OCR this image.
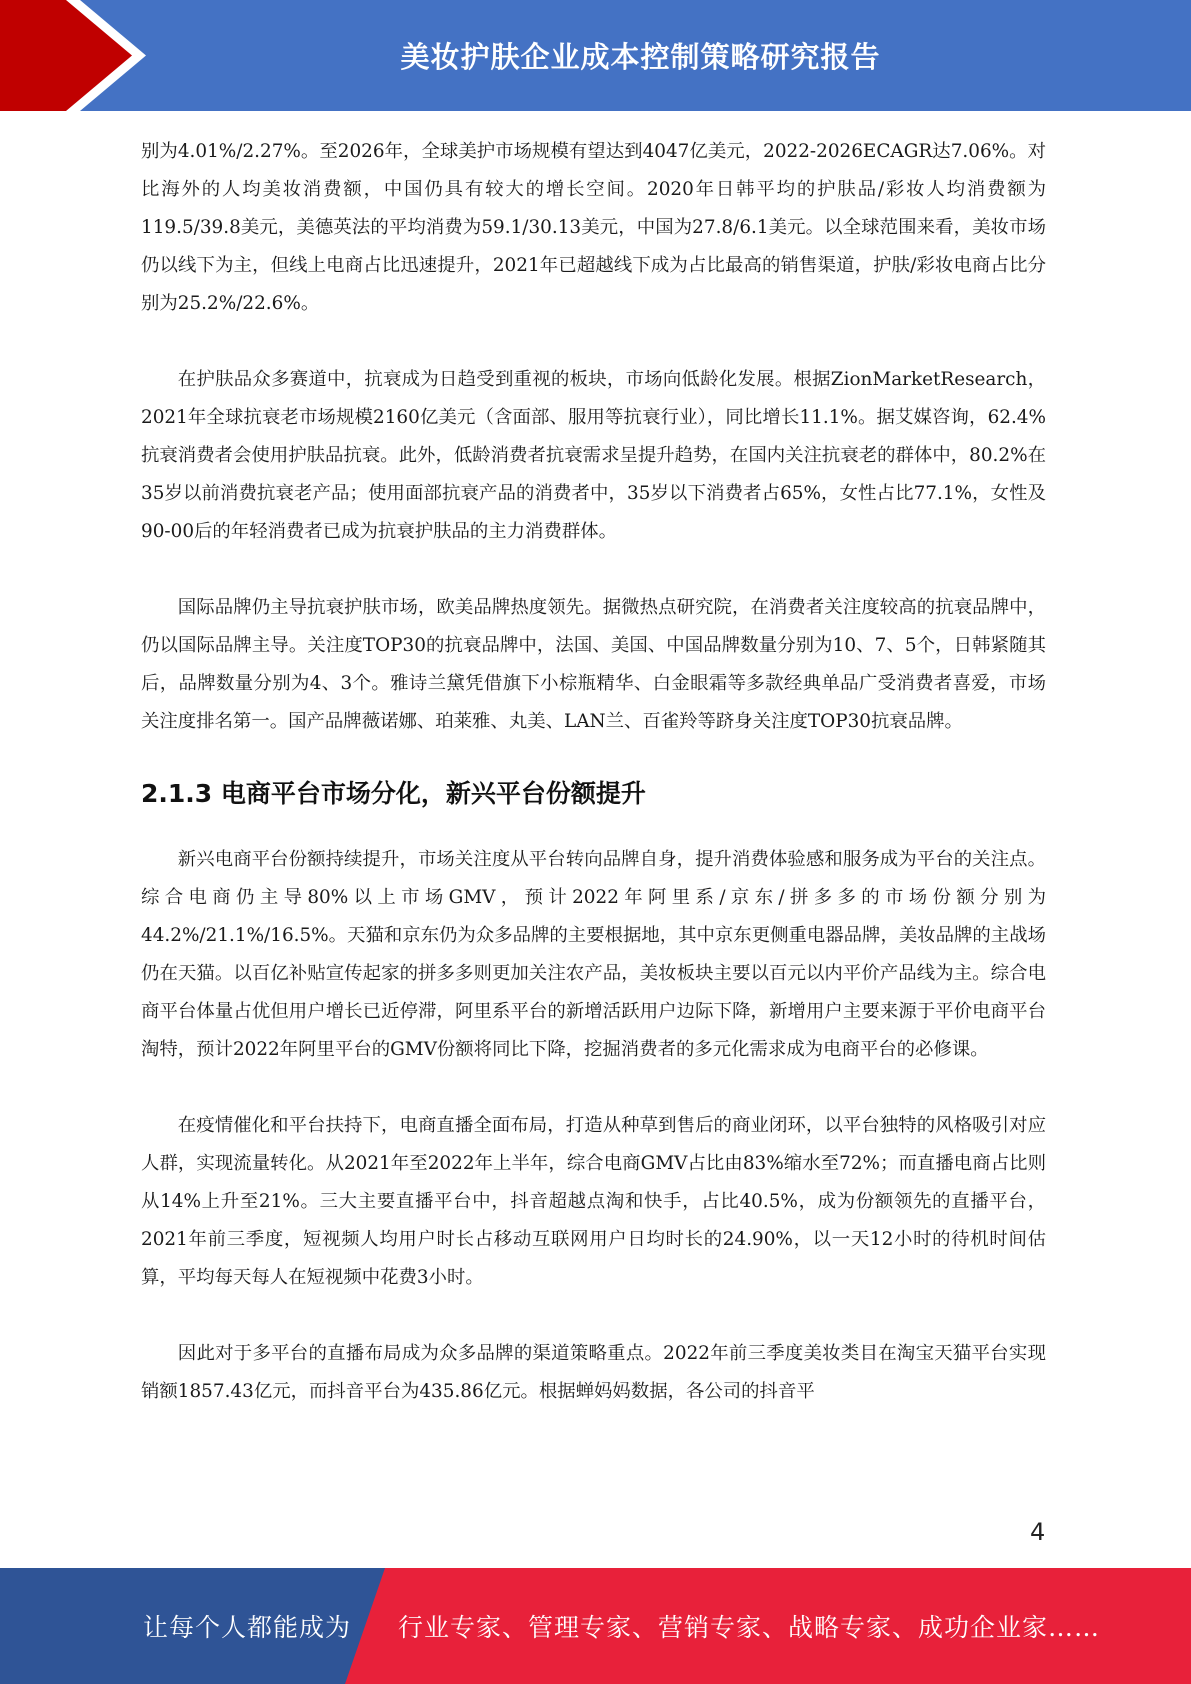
美妆护肤企业成本控制策略研究报告

别为4.01%/2.27%。至2026年，全球美护市场规模有望达到4047亿美元，2022-2026ECAGR达7.06%。对比海外的人均美妆消费额，中国仍具有较大的增长空间。2020年日韩平均的护肤品/彩妆人均消费额为119.5/39.8美元，美德英法的平均消费为59.1/30.13美元，中国为27.8/6.1美元。以全球范围来看，美妆市场仍以线下为主，但线上电商占比迅速提升，2021年已超越线下成为占比最高的销售渠道，护肤/彩妆电商占比分别为25.2%/22.6%。

在护肤品众多赛道中，抗衰成为日趋受到重视的板块，市场向低龄化发展。根据ZionMarketResearch，2021年全球抗衰老市场规模2160亿美元（含面部、服用等抗衰行业），同比增长11.1%。据艾媒咨询，62.4%抗衰消费者会使用护肤品抗衰。此外，低龄消费者抗衰需求呈提升趋势，在国内关注抗衰老的群体中，80.2%在35岁以前消费抗衰老产品；使用面部抗衰产品的消费者中，35岁以下消费者占65%，女性占比77.1%，女性及90-00后的年轻消费者已成为抗衰护肤品的主力消费群体。

国际品牌仍主导抗衰护肤市场，欧美品牌热度领先。据微热点研究院，在消费者关注度较高的抗衰品牌中，仍以国际品牌主导。关注度TOP30的抗衰品牌中，法国、美国、中国品牌数量分别为10、7、5个，日韩紧随其后，品牌数量分别为4、3个。雅诗兰黛凭借旗下小棕瓶精华、白金眼霜等多款经典单品广受消费者喜爱，市场关注度排名第一。国产品牌薇诺娜、珀莱雅、丸美、LAN兰、百雀羚等跻身关注度TOP30抗衰品牌。

2.1.3 电商平台市场分化，新兴平台份额提升

新兴电商平台份额持续提升，市场关注度从平台转向品牌自身，提升消费体验感和服务成为平台的关注点。综合电商仍主导80%以上市场GMV，预计2022年阿里系/京东/拼多多的市场份额分别为44.2%/21.1%/16.5%。天猫和京东仍为众多品牌的主要根据地，其中京东更侧重电器品牌，美妆品牌的主战场仍在天猫。以百亿补贴宣传起家的拼多多则更加关注农产品，美妆板块主要以百元以内平价产品线为主。综合电商平台体量占优但用户增长已近停滞，阿里系平台的新增活跃用户边际下降，新增用户主要来源于平价电商平台淘特，预计2022年阿里平台的GMV份额将同比下降，挖掘消费者的多元化需求成为电商平台的必修课。

在疫情催化和平台扶持下，电商直播全面布局，打造从种草到售后的商业闭环，以平台独特的风格吸引对应人群，实现流量转化。从2021年至2022年上半年，综合电商GMV占比由83%缩水至72%；而直播电商占比则从14%上升至21%。三大主要直播平台中，抖音超越点淘和快手，占比40.5%，成为份额领先的直播平台，2021年前三季度，短视频人均用户时长占移动互联网用户日均时长的24.90%，以一天12小时的待机时间估算，平均每天每人在短视频中花费3小时。

因此对于多平台的直播布局成为众多品牌的渠道策略重点。2022年前三季度美妆类目在淘宝天猫平台实现销额1857.43亿元，而抖音平台为435.86亿元。根据蝉妈妈数据，各公司的抖音平

4
让每个人都能成为 行业专家、管理专家、营销专家、战略专家、成功企业家……
